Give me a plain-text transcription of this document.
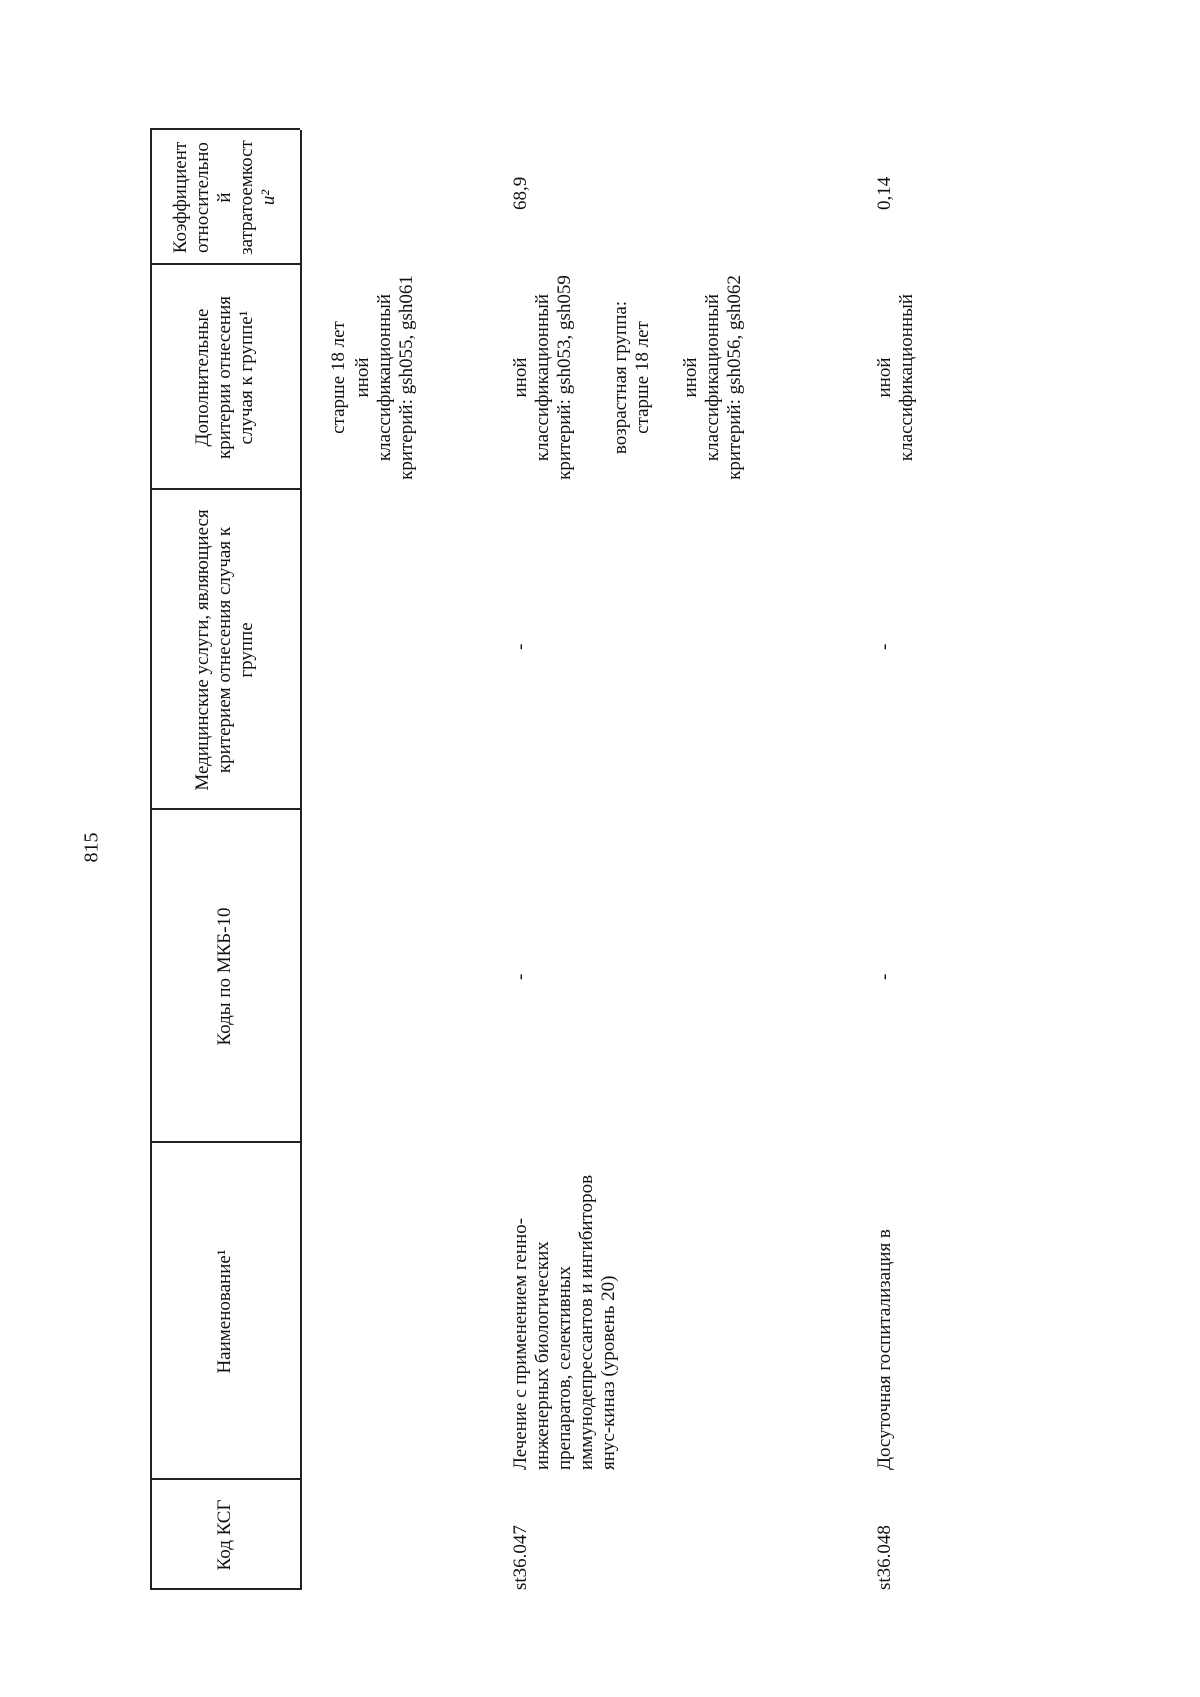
815
Код КСГ
Наименование¹
Коды по МКБ-10
Медицинские услуги, являющиеся критерием отнесения случая к группе
Дополнительные критерии отнесения случая к группе¹
Коэффициент относительно й затратоемкост и²
старше 18 лет иной классификационный критерий: gsh055, gsh061
st36.047
Лечение с применением генно-инженерных биологических препаратов, селективных иммунодепрессантов и ингибиторов янус-киназ (уровень 20)
-
-
иной классификационный критерий: gsh053, gsh059 возрастная группа: старше 18 лет иной классификационный критерий: gsh056, gsh062
68,9
st36.048
Досуточная госпитализация в
-
-
иной классификационный
0,14
